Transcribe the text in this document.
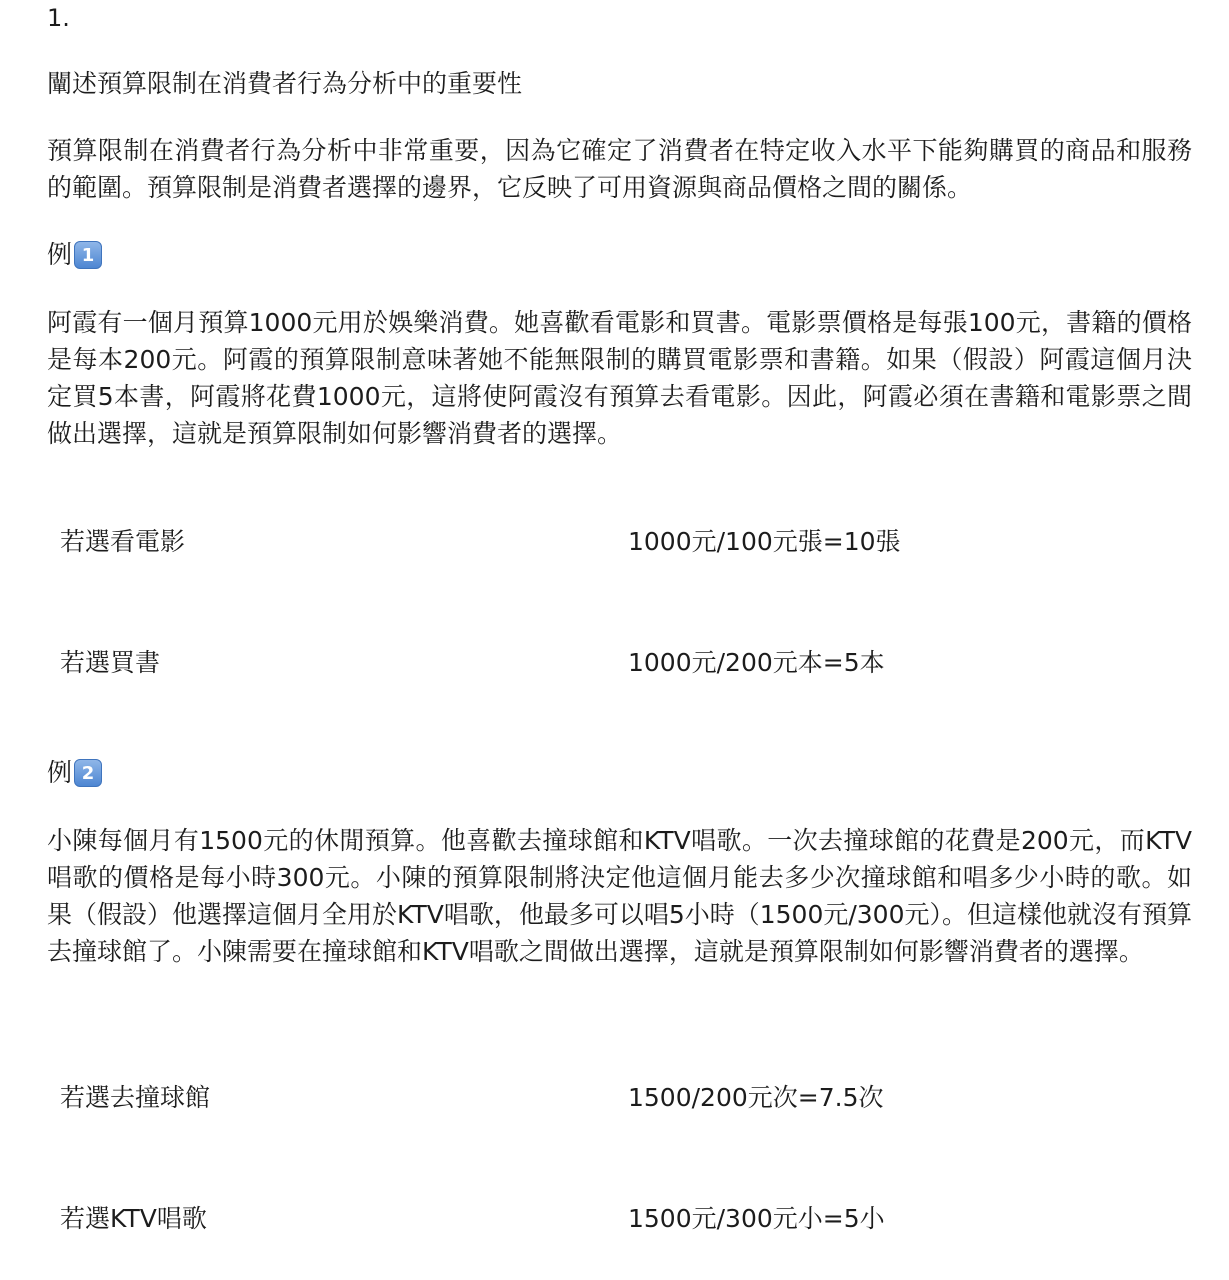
1.
闡述預算限制在消費者行為分析中的重要性
預算限制在消費者行為分析中非常重要，因為它確定了消費者在特定收入水平下能夠購買的商品和服務的範圍。預算限制是消費者選擇的邊界，它反映了可用資源與商品價格之間的關係。
例 1
阿霞有一個月預算1000元用於娛樂消費。她喜歡看電影和買書。電影票價格是每張100元，書籍的價格是每本200元。阿霞的預算限制意味著她不能無限制的購買電影票和書籍。如果（假設）阿霞這個月決定買5本書，阿霞將花費1000元，這將使阿霞沒有預算去看電影。因此，阿霞必須在書籍和電影票之間做出選擇，這就是預算限制如何影響消費者的選擇。
若選看電影	1000元/100元張=10張
若選買書	1000元/200元本=5本
例 2
小陳每個月有1500元的休閒預算。他喜歡去撞球館和KTV唱歌。一次去撞球館的花費是200元，而KTV唱歌的價格是每小時300元。小陳的預算限制將決定他這個月能去多少次撞球館和唱多少小時的歌。如果（假設）他選擇這個月全用於KTV唱歌，他最多可以唱5小時（1500元/300元）。但這樣他就沒有預算去撞球館了。小陳需要在撞球館和KTV唱歌之間做出選擇，這就是預算限制如何影響消費者的選擇。
若選去撞球館	1500/200元次=7.5次
若選KTV唱歌	1500元/300元小=5小
